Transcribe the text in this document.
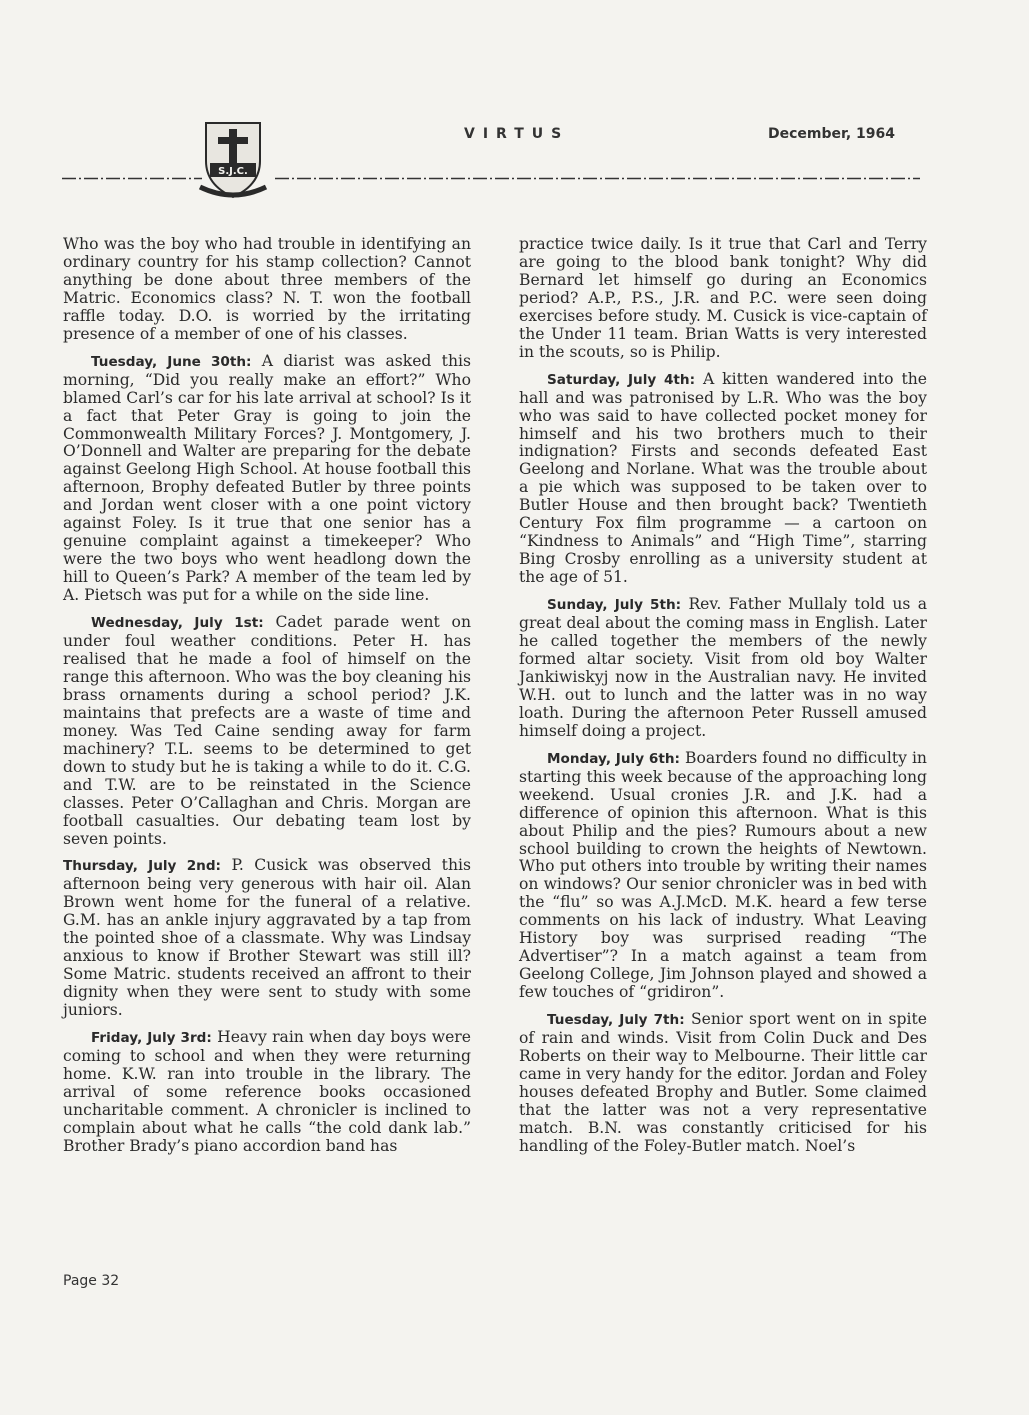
S.J.C.
VIRTUS	December, 1964

Who was the boy who had trouble in identifying an ordinary country for his stamp collection? Cannot anything be done about three members of the Matric. Economics class? N. T. won the football raffle today. D.O. is worried by the irritating presence of a member of one of his classes.

Tuesday, June 30th: A diarist was asked this morning, “Did you really make an effort?” Who blamed Carl’s car for his late arrival at school? Is it a fact that Peter Gray is going to join the Commonwealth Military Forces? J. Montgomery, J. O’Donnell and Walter are preparing for the debate against Geelong High School. At house football this afternoon, Brophy defeated Butler by three points and Jordan went closer with a one point victory against Foley. Is it true that one senior has a genuine complaint against a timekeeper? Who were the two boys who went headlong down the hill to Queen’s Park? A member of the team led by A. Pietsch was put for a while on the side line.

Wednesday, July 1st: Cadet parade went on under foul weather conditions. Peter H. has realised that he made a fool of himself on the range this afternoon. Who was the boy cleaning his brass ornaments during a school period? J.K. maintains that prefects are a waste of time and money. Was Ted Caine sending away for farm machinery? T.L. seems to be determined to get down to study but he is taking a while to do it. C.G. and T.W. are to be reinstated in the Science classes. Peter O’Callaghan and Chris. Morgan are football casualties. Our debating team lost by seven points.

Thursday, July 2nd: P. Cusick was observed this afternoon being very generous with hair oil. Alan Brown went home for the funeral of a relative. G.M. has an ankle injury aggravated by a tap from the pointed shoe of a classmate. Why was Lindsay anxious to know if Brother Stewart was still ill? Some Matric. students received an affront to their dignity when they were sent to study with some juniors.

Friday, July 3rd: Heavy rain when day boys were coming to school and when they were returning home. K.W. ran into trouble in the library. The arrival of some reference books occasioned uncharitable comment. A chronicler is inclined to complain about what he calls “the cold dank lab.” Brother Brady’s piano accordion band has

practice twice daily. Is it true that Carl and Terry are going to the blood bank tonight? Why did Bernard let himself go during an Economics period? A.P., P.S., J.R. and P.C. were seen doing exercises before study. M. Cusick is vice-captain of the Under 11 team. Brian Watts is very interested in the scouts, so is Philip.

Saturday, July 4th: A kitten wandered into the hall and was patronised by L.R. Who was the boy who was said to have collected pocket money for himself and his two brothers much to their indignation? Firsts and seconds defeated East Geelong and Norlane. What was the trouble about a pie which was supposed to be taken over to Butler House and then brought back? Twentieth Century Fox film programme — a cartoon on “Kindness to Animals” and “High Time”, starring Bing Crosby enrolling as a university student at the age of 51.

Sunday, July 5th: Rev. Father Mullaly told us a great deal about the coming mass in English. Later he called together the members of the newly formed altar society. Visit from old boy Walter Jankiwiskyj now in the Australian navy. He invited W.H. out to lunch and the latter was in no way loath. During the afternoon Peter Russell amused himself doing a project.

Monday, July 6th: Boarders found no difficulty in starting this week because of the approaching long weekend. Usual cronies J.R. and J.K. had a difference of opinion this afternoon. What is this about Philip and the pies? Rumours about a new school building to crown the heights of Newtown. Who put others into trouble by writing their names on windows? Our senior chronicler was in bed with the “flu” so was A.J.McD. M.K. heard a few terse comments on his lack of industry. What Leaving History boy was surprised reading “The Advertiser”? In a match against a team from Geelong College, Jim Johnson played and showed a few touches of “gridiron”.

Tuesday, July 7th: Senior sport went on in spite of rain and winds. Visit from Colin Duck and Des Roberts on their way to Melbourne. Their little car came in very handy for the editor. Jordan and Foley houses defeated Brophy and Butler. Some claimed that the latter was not a very representative match. B.N. was constantly criticised for his handling of the Foley-Butler match. Noel’s

Page 32
